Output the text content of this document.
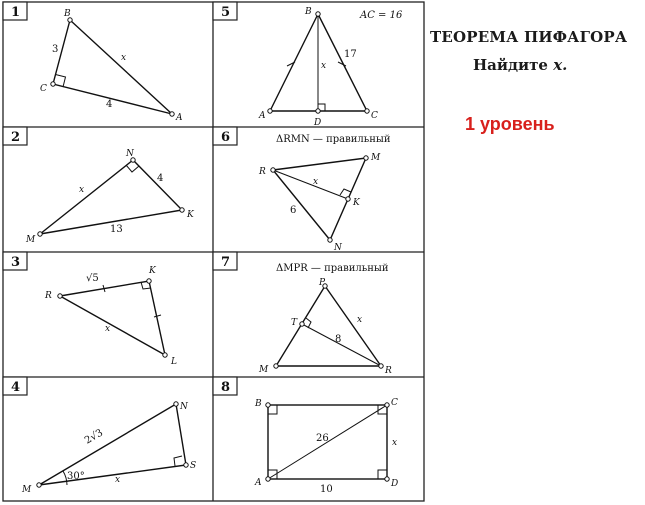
1	5
2	6
3	7
4	8
B
C
A
3
x
4
B
A
D
C
x
17
AC = 16
N
M
K
x
4
13
R
M
K
N
x
6
ΔRMN — правильный
R
K
L
√5
x
P
T
M	R
x
8
ΔMPR — правильный
M
N
S
2√3
x
30°
B	C
A	D
26	x
10
ТЕОРЕМА ПИФАГОРА
Найдите x.
1 уровень
